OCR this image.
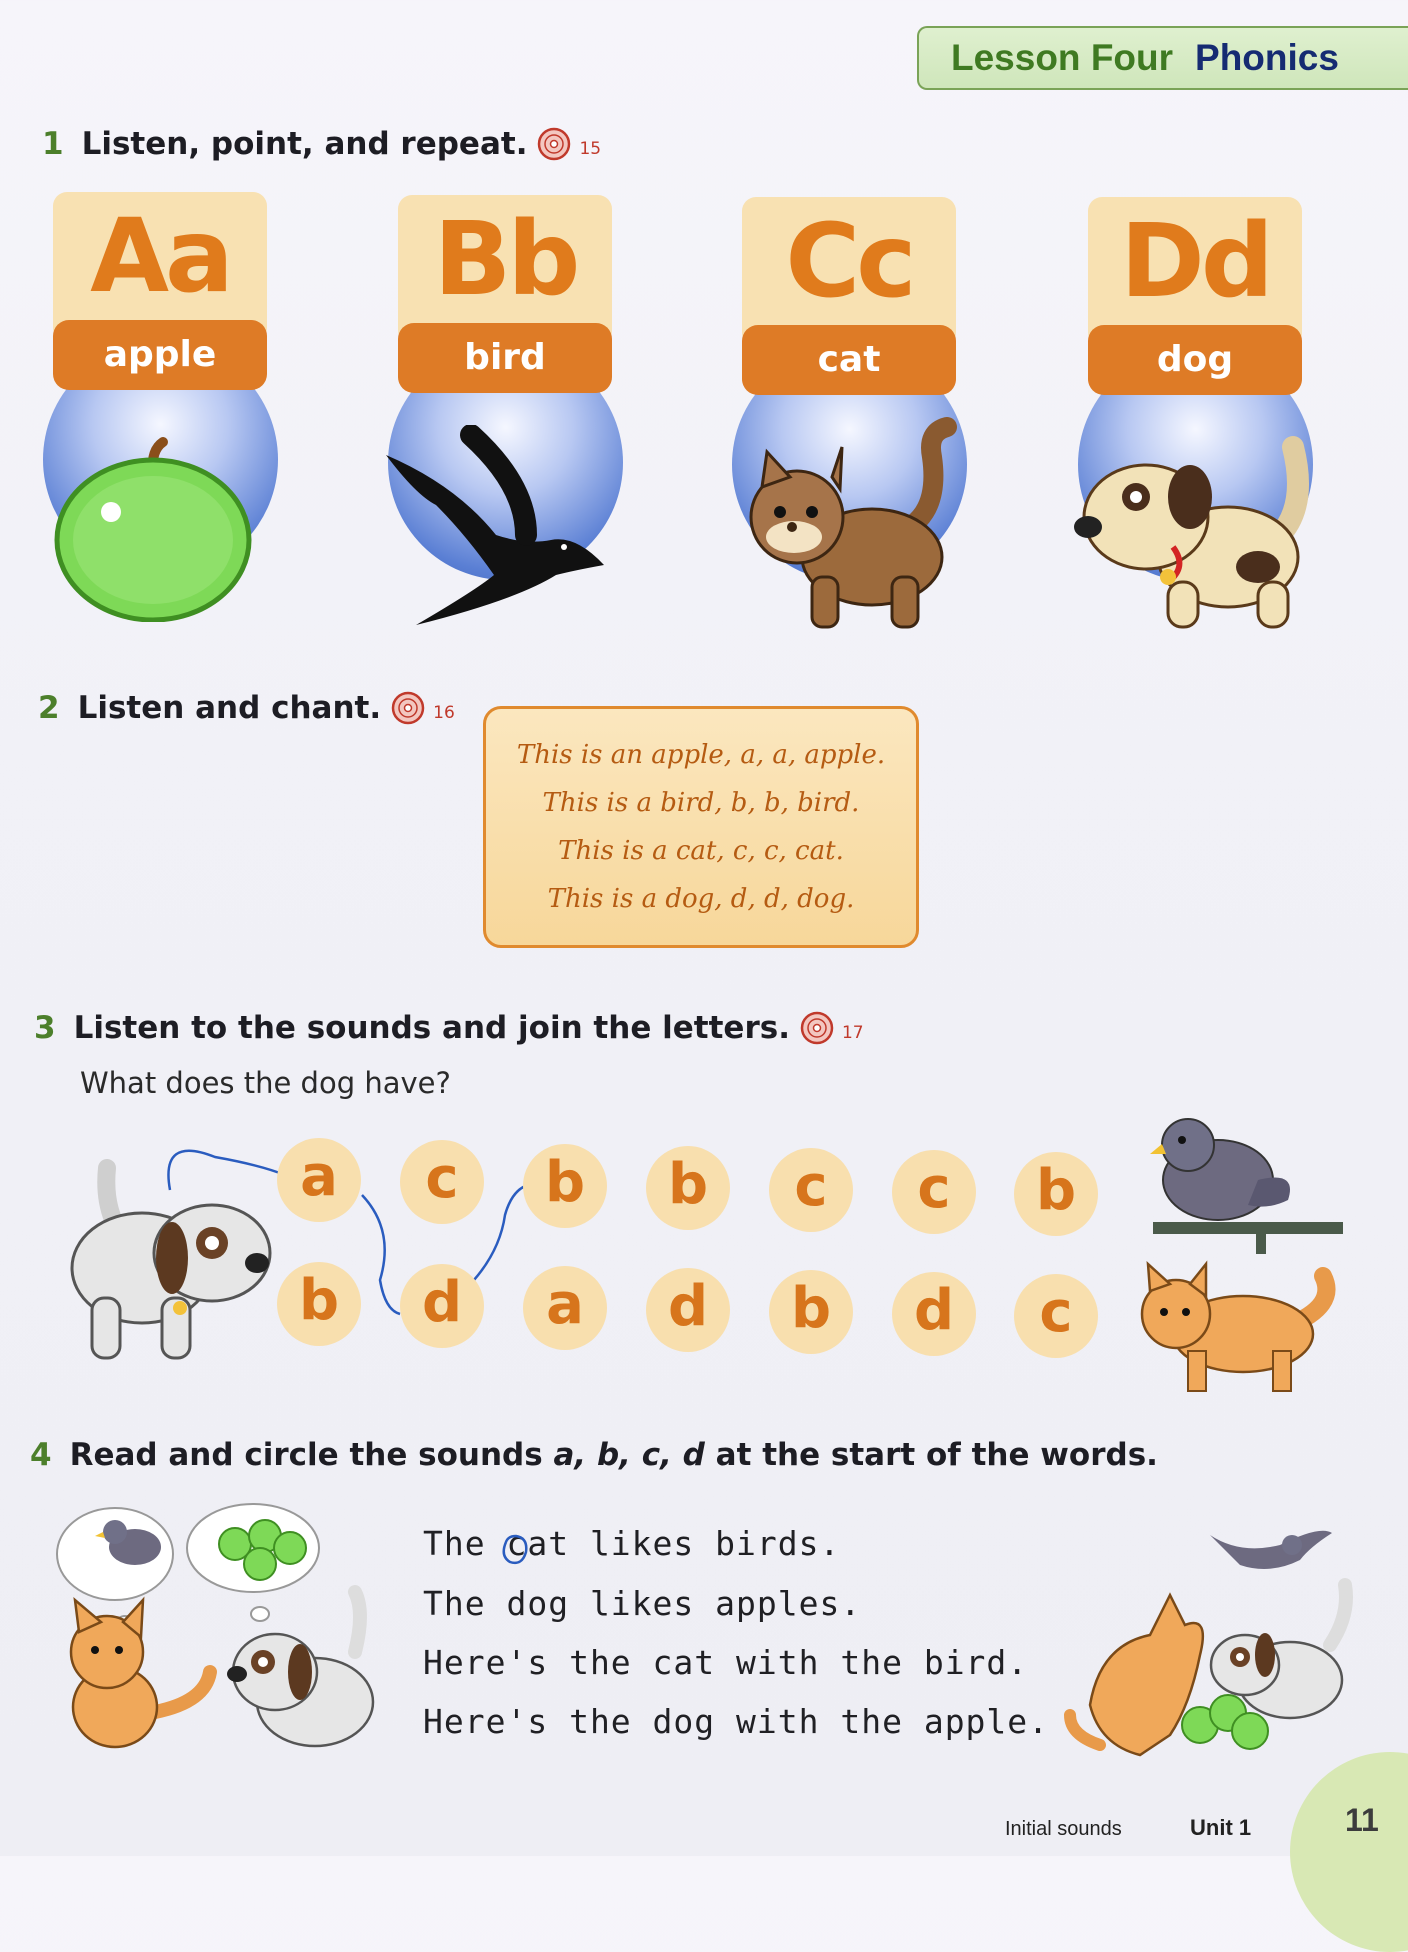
Lesson Four Phonics
1 Listen, point, and repeat.	15
Aa
apple
Bb
bird
Cc
cat
Dd
dog
2 Listen and chant.	16
This is an apple, a, a, apple.
This is a bird, b, b, bird.
This is a cat, c, c, cat.
This is a dog, d, d, dog.
3 Listen to the sounds and join the letters.	17
What does the dog have?
a	c	b	b	c	c	b
b	d	a	d	b	d	c
4 Read and circle the sounds a, b, c, d at the start of the words.
The cat likes birds.
The dog likes apples.
Here's the cat with the bird.
Here's the dog with the apple.
Initial sounds	Unit 1	11
